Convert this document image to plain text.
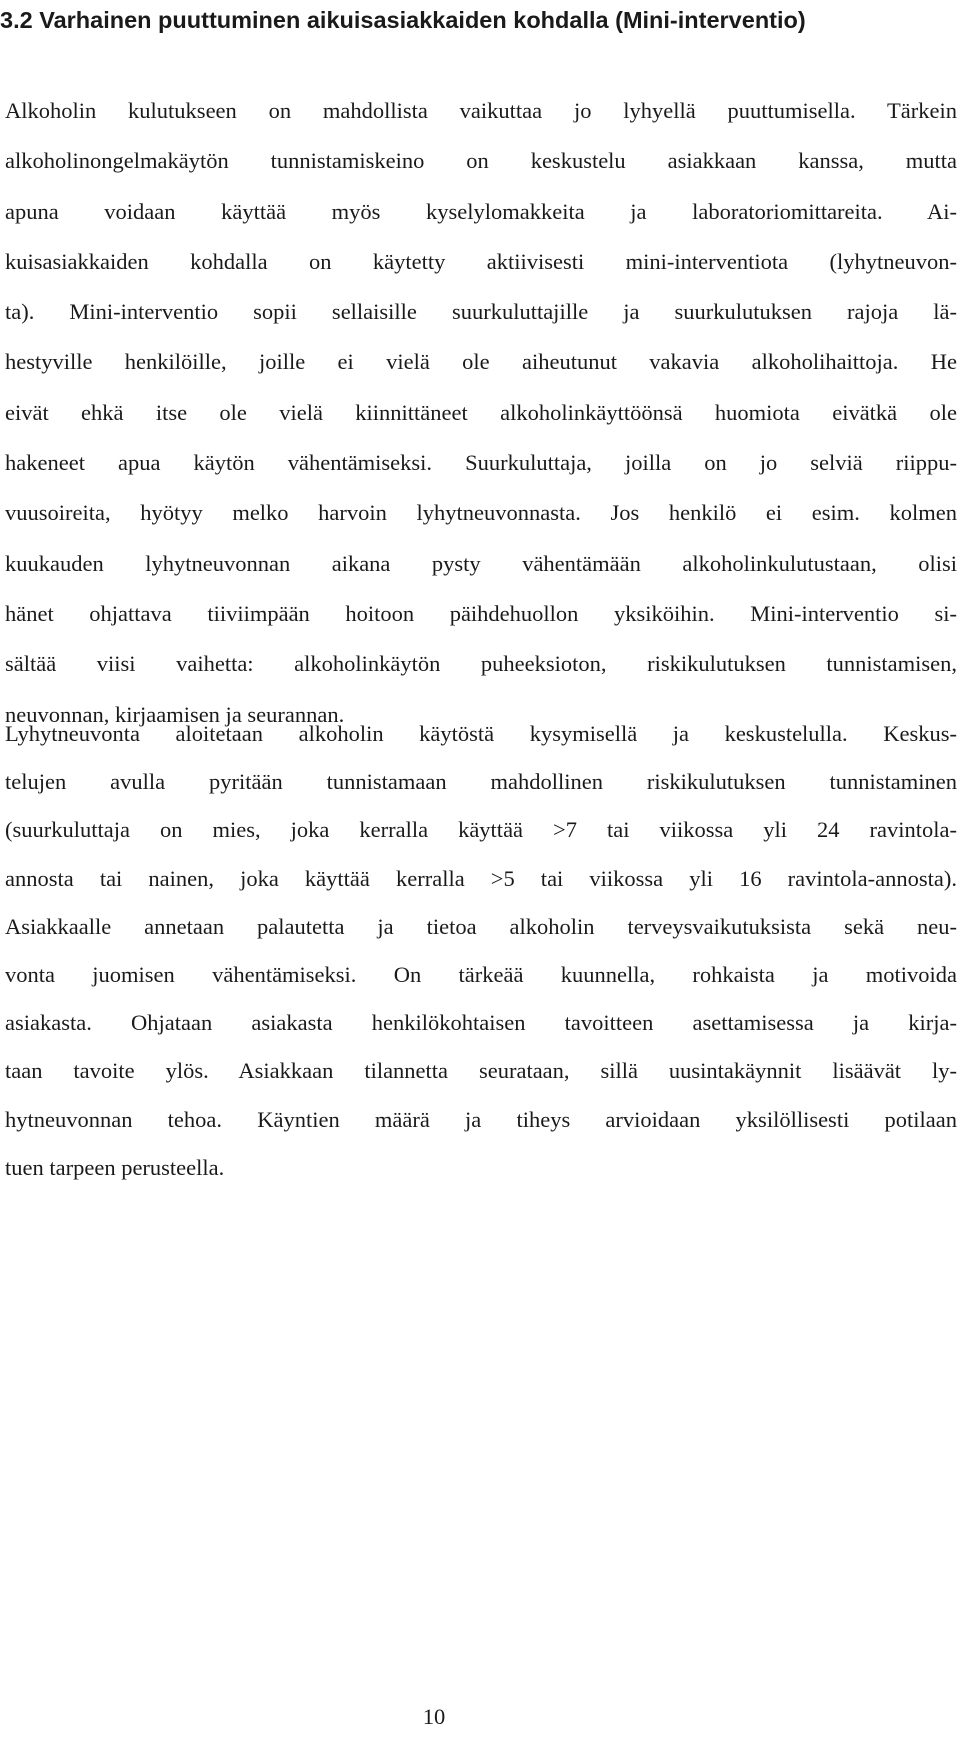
3.2 Varhainen puuttuminen aikuisasiakkaiden kohdalla (Mini-interventio)
Alkoholin kulutukseen on mahdollista vaikuttaa jo lyhyellä puuttumisella. Tärkein
alkoholinongelmakäytön tunnistamiskeino on keskustelu asiakkaan kanssa, mutta
apuna voidaan käyttää myös kyselylomakkeita ja laboratoriomittareita. Ai-
kuisasiakkaiden kohdalla on käytetty aktiivisesti mini-interventiota (lyhytneuvon-
ta). Mini-interventio sopii sellaisille suurkuluttajille ja suurkulutuksen rajoja lä-
hestyville henkilöille, joille ei vielä ole aiheutunut vakavia alkoholihaittoja. He
eivät ehkä itse ole vielä kiinnittäneet alkoholinkäyttöönsä huomiota eivätkä ole
hakeneet apua käytön vähentämiseksi. Suurkuluttaja, joilla on jo selviä riippu-
vuusoireita, hyötyy melko harvoin lyhytneuvonnasta. Jos henkilö ei esim. kolmen
kuukauden lyhytneuvonnan aikana pysty vähentämään alkoholinkulutustaan, olisi
hänet ohjattava tiiviimpään hoitoon päihdehuollon yksiköihin. Mini-interventio si-
sältää viisi vaihetta: alkoholinkäytön puheeksioton, riskikulutuksen tunnistamisen,
neuvonnan, kirjaamisen ja seurannan.
Lyhytneuvonta aloitetaan alkoholin käytöstä kysymisellä ja keskustelulla. Keskus-
telujen avulla pyritään tunnistamaan mahdollinen riskikulutuksen tunnistaminen
(suurkuluttaja on mies, joka kerralla käyttää >7 tai viikossa yli 24 ravintola-
annosta tai nainen, joka käyttää kerralla >5 tai viikossa yli 16 ravintola-annosta).
Asiakkaalle annetaan palautetta ja tietoa alkoholin terveysvaikutuksista sekä neu-
vonta juomisen vähentämiseksi. On tärkeää kuunnella, rohkaista ja motivoida
asiakasta. Ohjataan asiakasta henkilökohtaisen tavoitteen asettamisessa ja kirja-
taan tavoite ylös. Asiakkaan tilannetta seurataan, sillä uusintakäynnit lisäävät ly-
hytneuvonnan tehoa. Käyntien määrä ja tiheys arvioidaan yksilöllisesti potilaan
tuen tarpeen perusteella.
10
